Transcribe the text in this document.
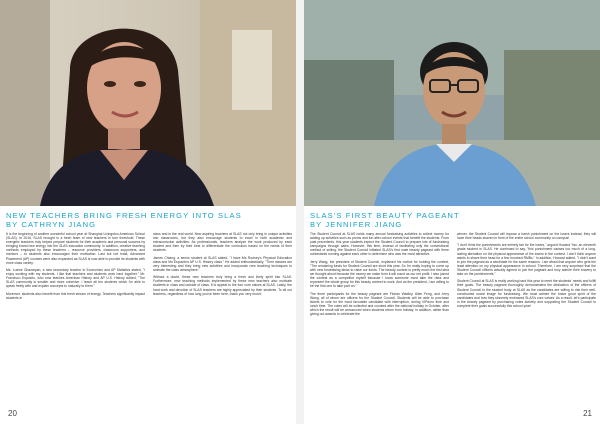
NEW TEACHERS BRING FRESH ENERGY INTO SLAS
BY CATHRYN JIANG

It is the beginning of another wonderful school year at Shanghai Livingston American School (SLAS). In 2016, SLAS brought in a fresh team of new teachers in turn threshold. These energetic teachers truly helped prepare students for their academic and personal success by bringing brand new energy into the SLAS education community. In addition, creative teaching methods employed by these teachers – resource providers, classroom supporters, and mentors – to students also encouraged their motivation. Last but not least, Advanced Placement (AP) courses were also expanded as SLAS is now able to provide its students with more class variety.

Ms. Lusine Ghazaryan, a new secondary teacher in Economics and AP Statistics stated, "I enjoy working with my students. I like that teachers and students work hard together." Mr. Francisco Esposito, who now teaches American History and AP U.S. History added, "The SLAS community is smaller and more cohesive. I teach all ten students which I'm able to speak freely with and explain concepts to naturally to them."

Moreover, students also benefit from this fresh stream of energy. Teachers significantly impact students in

class and in the real world. New aspiring teachers at SLAS not only bring in unique activities into classrooms, but they also encourage students to excel in both academic and extracurricular activities. As professionals, teachers analyze the work produced by each student and then try their best to differentiate the curriculum based on the needs of their students.

James Chiang, a senior student at SLAS stated, "I have Ms Rodney's Physical Education class and Ms Esposito's AP U.S. History class." He added enthusiastically, "Their classes are very interesting and they bring new activities and incorporate new teaching techniques to animate the class atmosphere."

Without a doubt, these new teachers truly bring a fresh and lively spirit into SLAS. Furthermore, new teaching methods implemented by these new teachers also motivate students in class and outside of class. It is appeal to the four core values at SLAS. Lastly, the hard work and devotion of SLAS teachers are highly appreciated by their students. To all our teachers, regardless of how long you've been here, thank you very much!

20
SLAS'S FIRST BEAUTY PAGEANT
BY JENNIFER JIANG

The Student Council at SLAS holds many annual fundraising activities to collect money for adding up activities such as proms and fun after-school events that benefit the students. From past precedents, this year students expect the Student Council to prepare lots of fundraising campaigns through sales. However, this time, instead of facilitating only the conventional method of selling, the Student Council initiated SLAS's first male beauty pageant with three contestants running against each other to determine who was the most attractive.

Jerry Wang, the president of Student Council, explained his motive for holding the contest, "The remaining funds for Student Council are short this year. So I'm really hoping to come up with new fundraising ideas to raise our funds. The beauty contest is pretty much the first idea we thought about because the money we make from it will count as our net profit. I also joined the contest as a competitor myself because I know someone must take the risks and represent the whole group for this beauty contest to work. And as the president, I am willing to be the first one to take part on."

The three participants for the beauty pageant are Florian Wadley, Allen Feng, and Jerry Wang, all of whom are officers for the Student Council. Students will be able to purchase tickets to vote for the most favorable candidate with interruption, during VIPdoor time and lunch time. The votes will be collected and counted after the national holiday in October, after which the result will be announced when students return from holiday. In addition, rather than giving out awards to celebrate the

winner, the Student Council will impose a harsh punishment on the losers instead; they will have their heads shaven in front of the entire school community on campus!

"I don't think the punishments are entirely fair for the losers," argued Howard Yan, an eleventh grade student in SLAS. He continued to say, "this punishment causes too much of a long-lasting alienation on the physical appearance of the losers in the contest. I don't think anyone wants to shave their head for a few hundred RMBs." In addition, Howard added, "I didn't want to join the pageant as a candidate for the same reasons. I am afraid that anyone who gets the least attention on my physical appearance in school. Therefore, I am very surprised that the Student Council officers actually agreed to join the pageant and truly admire their bravery to take on the punishments."

Student Council at SLAS is really working hard this year to meet the students' needs and fulfill their goals. The beauty pageant thoroughly demonstrated the dedication of the officers of Student Council to the student body at SLAS as the candidates are willing to risk their well-constructed social image for fundraising. We must admire the brave good spirit of the candidates and how they sincerely embraced SLAS's core values. As a result, let's participate in the beauty pageant by purchasing votes actively and supporting the Student Council to complete their goals successfully this school year!

21
